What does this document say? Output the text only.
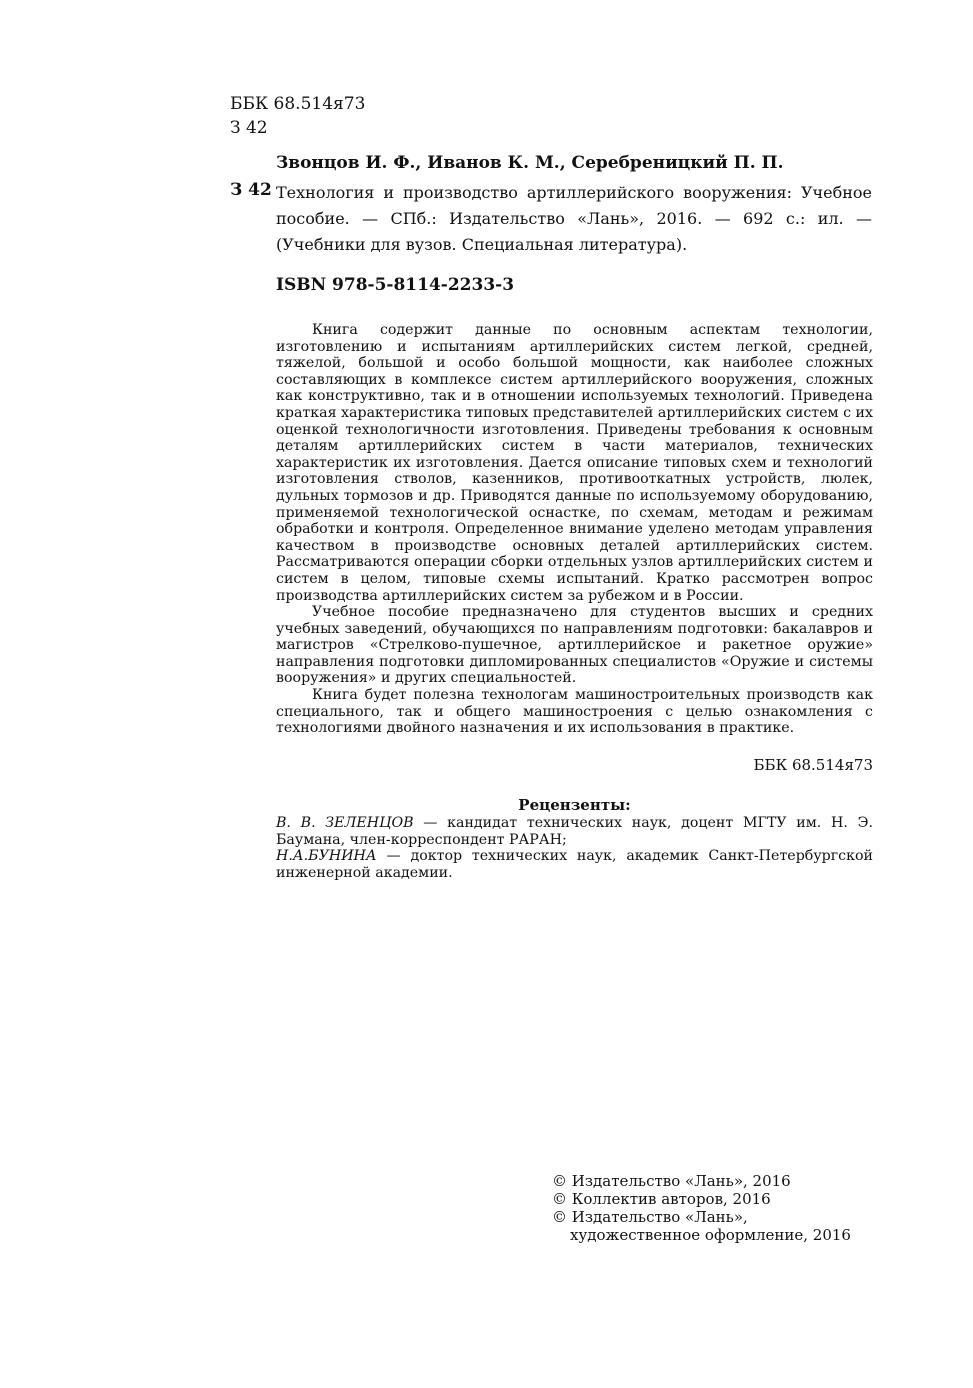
ББК 68.514я73
З 42
Звонцов И. Ф., Иванов К. М., Серебреницкий П. П.
З 42 Технология и производство артиллерийского вооружения: Учебное пособие. — СПб.: Издательство «Лань», 2016. — 692 с.: ил. — (Учебники для вузов. Специальная литература).
ISBN 978-5-8114-2233-3

Книга содержит данные по основным аспектам технологии, изготовлению и испытаниям артиллерийских систем легкой, средней, тяжелой, большой и особо большой мощности, как наиболее сложных составляющих в комплексе систем артиллерийского вооружения, сложных как конструктивно, так и в отношении используемых технологий. Приведена краткая характеристика типовых представителей артиллерийских систем с их оценкой технологичности изготовления. Приведены требования к основным деталям артиллерийских систем в части материалов, технических характеристик их изготовления. Дается описание типовых схем и технологий изготовления стволов, казенников, противооткатных устройств, люлек, дульных тормозов и др. Приводятся данные по используемому оборудованию, применяемой технологической оснастке, по схемам, методам и режимам обработки и контроля. Определенное внимание уделено методам управления качеством в производстве основных деталей артиллерийских систем. Рассматриваются операции сборки отдельных узлов артиллерийских систем и систем в целом, типовые схемы испытаний. Кратко рассмотрен вопрос производства артиллерийских систем за рубежом и в России.

Учебное пособие предназначено для студентов высших и средних учебных заведений, обучающихся по направлениям подготовки: бакалавров и магистров «Стрелково-пушечное, артиллерийское и ракетное оружие» направления подготовки дипломированных специалистов «Оружие и системы вооружения» и других специальностей.

Книга будет полезна технологам машиностроительных производств как специального, так и общего машиностроения с целью ознакомления с технологиями двойного назначения и их использования в практике.

ББК 68.514я73
Рецензенты:

В. В. ЗЕЛЕНЦОВ — кандидат технических наук, доцент МГТУ им. Н. Э. Баумана, член-корреспондент РАРАН;

Н.А.БУНИНА — доктор технических наук, академик Санкт-Петербургской инженерной академии.

© Издательство «Лань», 2016
© Коллектив авторов, 2016
© Издательство «Лань»,
художественное оформление, 2016
